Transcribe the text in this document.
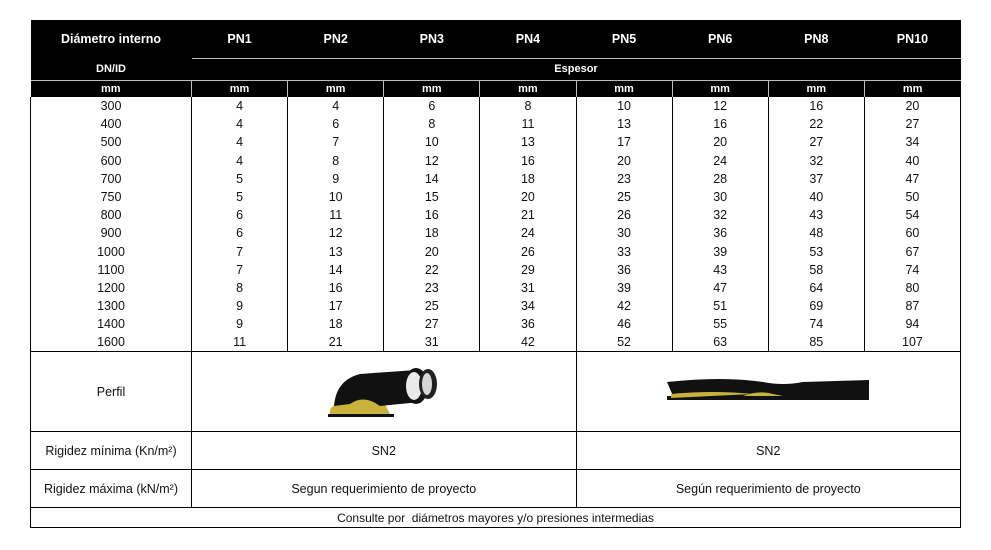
Diámetro interno	PN1	PN2	PN3	PN4	PN5	PN6	PN8	PN10
DN/ID	Espesor							
mm	mm	mm	mm	mm	mm	mm	mm	mm
300	4	4	6	8	10	12	16	20
400	4	6	8	11	13	16	22	27
500	4	7	10	13	17	20	27	34
600	4	8	12	16	20	24	32	40
700	5	9	14	18	23	28	37	47
750	5	10	15	20	25	30	40	50
800	6	11	16	21	26	32	43	54
900	6	12	18	24	30	36	48	60
1000	7	13	20	26	33	39	53	67
1100	7	14	22	29	36	43	58	74
1200	8	16	23	31	39	47	64	80
1300	9	17	25	34	42	51	69	87
1400	9	18	27	36	46	55	74	94
1600	11	21	31	42	52	63	85	107
Perfil	

Rigidez mínima (Kn/m²)	SN2				SN2			
Rigidez máxima (kN/m²)	Segun requerimiento de proyecto				Según requerimiento de proyecto			
Consulte por  diámetros mayores y/o presiones intermedias								
